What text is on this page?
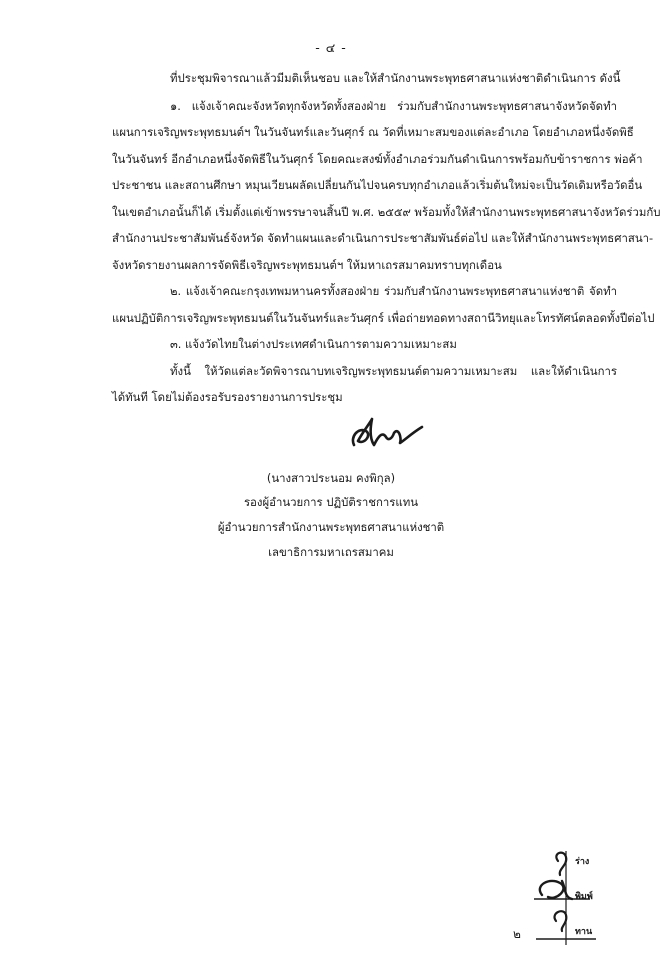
- ๔ -
ที่ประชุมพิจารณาแล้วมีมติเห็นชอบ และให้สำนักงานพระพุทธศาสนาแห่งชาติดำเนินการ ดังนี้
๑. แจ้งเจ้าคณะจังหวัดทุกจังหวัดทั้งสองฝ่าย ร่วมกับสำนักงานพระพุทธศาสนาจังหวัดจัดทำ
แผนการเจริญพระพุทธมนต์ฯ ในวันจันทร์และวันศุกร์ ณ วัดที่เหมาะสมของแต่ละอำเภอ โดยอำเภอหนึ่งจัดพิธี
ในวันจันทร์ อีกอำเภอหนึ่งจัดพิธีในวันศุกร์ โดยคณะสงฆ์ทั้งอำเภอร่วมกันดำเนินการพร้อมกับข้าราชการ พ่อค้า
ประชาชน และสถานศึกษา หมุนเวียนผลัดเปลี่ยนกันไปจนครบทุกอำเภอแล้วเริ่มต้นใหม่จะเป็นวัดเดิมหรือวัดอื่น
ในเขตอำเภอนั้นก็ได้ เริ่มตั้งแต่เข้าพรรษาจนสิ้นปี พ.ศ. ๒๕๕๙ พร้อมทั้งให้สำนักงานพระพุทธศาสนาจังหวัดร่วมกับ
สำนักงานประชาสัมพันธ์จังหวัด จัดทำแผนและดำเนินการประชาสัมพันธ์ต่อไป และให้สำนักงานพระพุทธศาสนา-
จังหวัดรายงานผลการจัดพิธีเจริญพระพุทธมนต์ฯ ให้มหาเถรสมาคมทราบทุกเดือน
๒. แจ้งเจ้าคณะกรุงเทพมหานครทั้งสองฝ่าย ร่วมกับสำนักงานพระพุทธศาสนาแห่งชาติ จัดทำ
แผนปฏิบัติการเจริญพระพุทธมนต์ในวันจันทร์และวันศุกร์ เพื่อถ่ายทอดทางสถานีวิทยุและโทรทัศน์ตลอดทั้งปีต่อไป
๓. แจ้งวัดไทยในต่างประเทศดำเนินการตามความเหมาะสม
ทั้งนี้ ให้วัดแต่ละวัดพิจารณาบทเจริญพระพุทธมนต์ตามความเหมาะสม และให้ดำเนินการ
ได้ทันที โดยไม่ต้องรอรับรองรายงานการประชุม
(นางสาวประนอม คงพิกุล)
รองผู้อำนวยการ ปฏิบัติราชการแทน
ผู้อำนวยการสำนักงานพระพุทธศาสนาแห่งชาติ
เลขาธิการมหาเถรสมาคม
ร่าง
พิมพ์
ทาน
๒
